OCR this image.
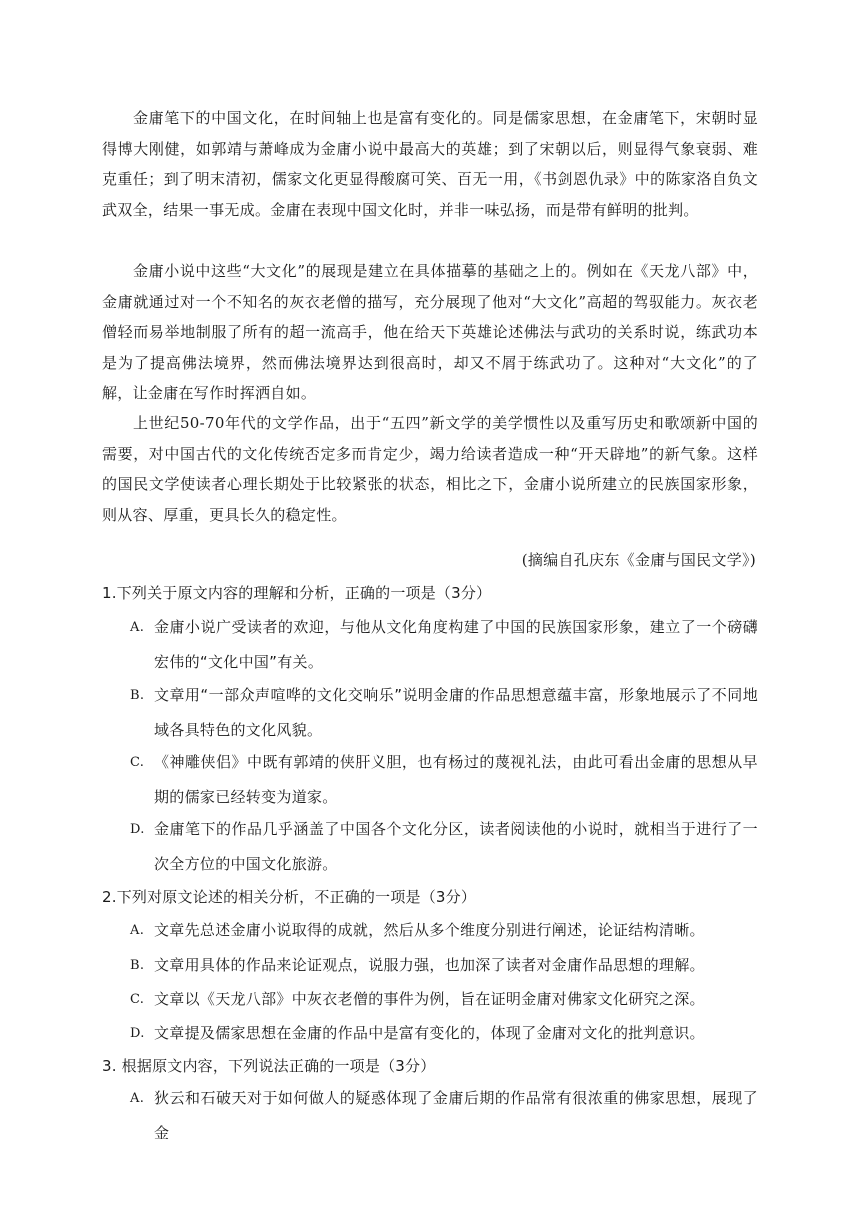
金庸笔下的中国文化，在时间轴上也是富有变化的。同是儒家思想，在金庸笔下，宋朝时显得博大刚健，如郭靖与萧峰成为金庸小说中最高大的英雄；到了宋朝以后，则显得气象衰弱、难克重任；到了明末清初，儒家文化更显得酸腐可笑、百无一用，《书剑恩仇录》中的陈家洛自负文武双全，结果一事无成。金庸在表现中国文化时，并非一味弘扬，而是带有鲜明的批判。

金庸小说中这些“大文化”的展现是建立在具体描摹的基础之上的。例如在《天龙八部》中，金庸就通过对一个不知名的灰衣老僧的描写，充分展现了他对“大文化”高超的驾驭能力。灰衣老僧轻而易举地制服了所有的超一流高手，他在给天下英雄论述佛法与武功的关系时说，练武功本是为了提高佛法境界，然而佛法境界达到很高时，却又不屑于练武功了。这种对“大文化”的了解，让金庸在写作时挥洒自如。

上世纪50-70年代的文学作品，出于“五四”新文学的美学惯性以及重写历史和歌颂新中国的需要，对中国古代的文化传统否定多而肯定少，竭力给读者造成一种“开天辟地”的新气象。这样的国民文学使读者心理长期处于比较紧张的状态，相比之下，金庸小说所建立的民族国家形象，则从容、厚重，更具长久的稳定性。

(摘编自孔庆东《金庸与国民文学》)

1.下列关于原文内容的理解和分析，正确的一项是（3分）

A. 金庸小说广受读者的欢迎，与他从文化角度构建了中国的民族国家形象，建立了一个磅礴宏伟的“文化中国”有关。
B. 文章用“一部众声喧哗的文化交响乐”说明金庸的作品思想意蕴丰富，形象地展示了不同地域各具特色的文化风貌。
C. 《神雕侠侣》中既有郭靖的侠肝义胆，也有杨过的蔑视礼法，由此可看出金庸的思想从早期的儒家已经转变为道家。
D. 金庸笔下的作品几乎涵盖了中国各个文化分区，读者阅读他的小说时，就相当于进行了一次全方位的中国文化旅游。

2.下列对原文论述的相关分析，不正确的一项是（3分）

A. 文章先总述金庸小说取得的成就，然后从多个维度分别进行阐述，论证结构清晰。
B. 文章用具体的作品来论证观点，说服力强，也加深了读者对金庸作品思想的理解。
C. 文章以《天龙八部》中灰衣老僧的事件为例，旨在证明金庸对佛家文化研究之深。
D. 文章提及儒家思想在金庸的作品中是富有变化的，体现了金庸对文化的批判意识。

3. 根据原文内容，下列说法正确的一项是（3分）

A. 狄云和石破天对于如何做人的疑惑体现了金庸后期的作品常有很浓重的佛家思想，展现了金
